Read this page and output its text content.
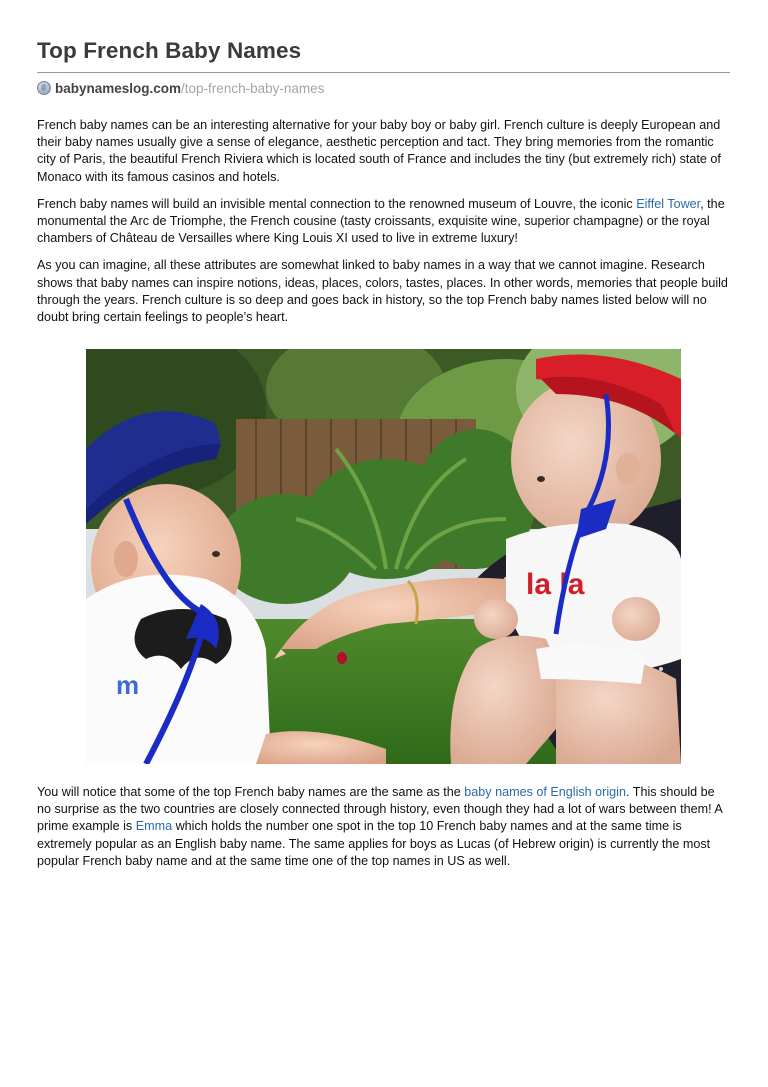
Top French Baby Names
babynameslog.com /top-french-baby-names

French baby names can be an interesting alternative for your baby boy or baby girl. French culture is deeply European and their baby names usually give a sense of elegance, aesthetic perception and tact. They bring memories from the romantic city of Paris, the beautiful French Riviera which is located south of France and includes the tiny (but extremely rich) state of Monaco with its famous casinos and hotels.

French baby names will build an invisible mental connection to the renowned museum of Louvre, the iconic Eiffel Tower, the monumental the Arc de Triomphe, the French cousine (tasty croissants, exquisite wine, superior champagne) or the royal chambers of Château de Versailles where King Louis XI used to live in extreme luxury!

As you can imagine, all these attributes are somewhat linked to baby names in a way that we cannot imagine. Research shows that baby names can inspire notions, ideas, places, colors, tastes, places. In other words, memories that people build through the years. French culture is so deep and goes back in history, so the top French baby names listed below will no doubt bring certain feelings to people’s heart.

m
la la

You will notice that some of the top French baby names are the same as the baby names of English origin. This should be no surprise as the two countries are closely connected through history, even though they had a lot of wars between them! A prime example is Emma which holds the number one spot in the top 10 French baby names and at the same time is extremely popular as an English baby name. The same applies for boys as Lucas (of Hebrew origin) is currently the most popular French baby name and at the same time one of the top names in US as well.
